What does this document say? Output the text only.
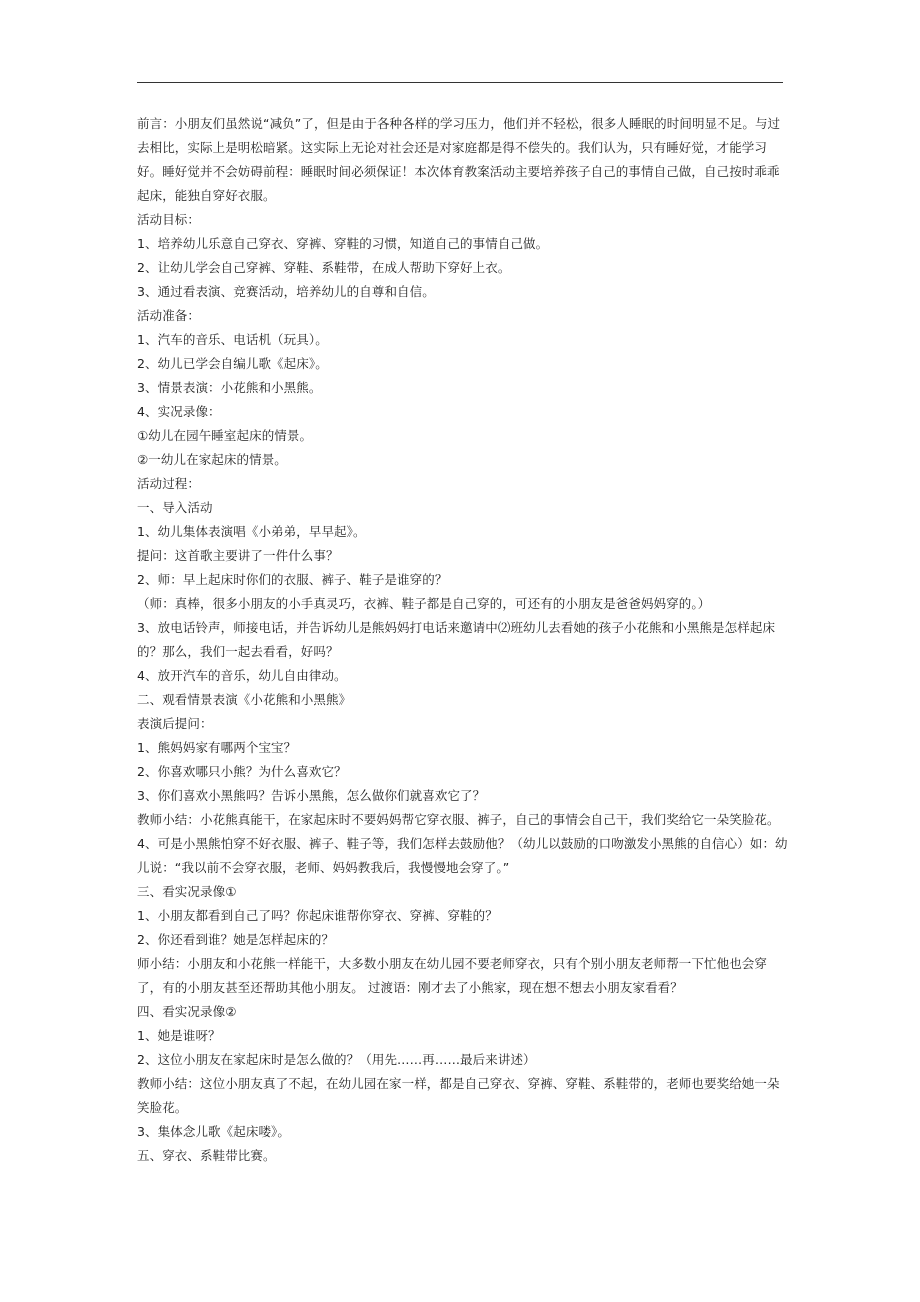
前言：小朋友们虽然说“减负”了，但是由于各种各样的学习压力，他们并不轻松，很多人睡眠的时间明显不足。与过去相比，实际上是明松暗紧。这实际上无论对社会还是对家庭都是得不偿失的。我们认为，只有睡好觉，才能学习好。睡好觉并不会妨碍前程：睡眠时间必须保证！本次体育教案活动主要培养孩子自己的事情自己做，自己按时乖乖起床，能独自穿好衣服。

活动目标：

1、培养幼儿乐意自己穿衣、穿裤、穿鞋的习惯，知道自己的事情自己做。

2、让幼儿学会自己穿裤、穿鞋、系鞋带，在成人帮助下穿好上衣。

3、通过看表演、竞赛活动，培养幼儿的自尊和自信。

活动准备：

1、汽车的音乐、电话机（玩具）。

2、幼儿已学会自编儿歌《起床》。

3、情景表演：小花熊和小黑熊。

4、实况录像：

①幼儿在园午睡室起床的情景。

②一幼儿在家起床的情景。

活动过程：

一、导入活动

1、幼儿集体表演唱《小弟弟，早早起》。

提问：这首歌主要讲了一件什么事？

2、师：早上起床时你们的衣服、裤子、鞋子是谁穿的？

（师：真棒，很多小朋友的小手真灵巧，衣裤、鞋子都是自己穿的，可还有的小朋友是爸爸妈妈穿的。）

3、放电话铃声，师接电话，并告诉幼儿是熊妈妈打电话来邀请中⑵班幼儿去看她的孩子小花熊和小黑熊是怎样起床的？那么，我们一起去看看，好吗？

4、放开汽车的音乐，幼儿自由律动。

二、观看情景表演《小花熊和小黑熊》

表演后提问：

1、熊妈妈家有哪两个宝宝？

2、你喜欢哪只小熊？为什么喜欢它？

3、你们喜欢小黑熊吗？告诉小黑熊，怎么做你们就喜欢它了？

教师小结：小花熊真能干，在家起床时不要妈妈帮它穿衣服、裤子，自己的事情会自己干，我们奖给它一朵笑脸花。

4、可是小黑熊怕穿不好衣服、裤子、鞋子等，我们怎样去鼓励他？（幼儿以鼓励的口吻激发小黑熊的自信心）如：幼儿说：“我以前不会穿衣服，老师、妈妈教我后，我慢慢地会穿了。”

三、看实况录像①

1、小朋友都看到自己了吗？你起床谁帮你穿衣、穿裤、穿鞋的？

2、你还看到谁？她是怎样起床的？

师小结：小朋友和小花熊一样能干，大多数小朋友在幼儿园不要老师穿衣，只有个别小朋友老师帮一下忙他也会穿了，有的小朋友甚至还帮助其他小朋友。 过渡语：刚才去了小熊家，现在想不想去小朋友家看看？

四、看实况录像②

1、她是谁呀？

2、这位小朋友在家起床时是怎么做的？（用先……再……最后来讲述）

教师小结：这位小朋友真了不起，在幼儿园在家一样，都是自己穿衣、穿裤、穿鞋、系鞋带的，老师也要奖给她一朵笑脸花。

3、集体念儿歌《起床喽》。

五、穿衣、系鞋带比赛。
